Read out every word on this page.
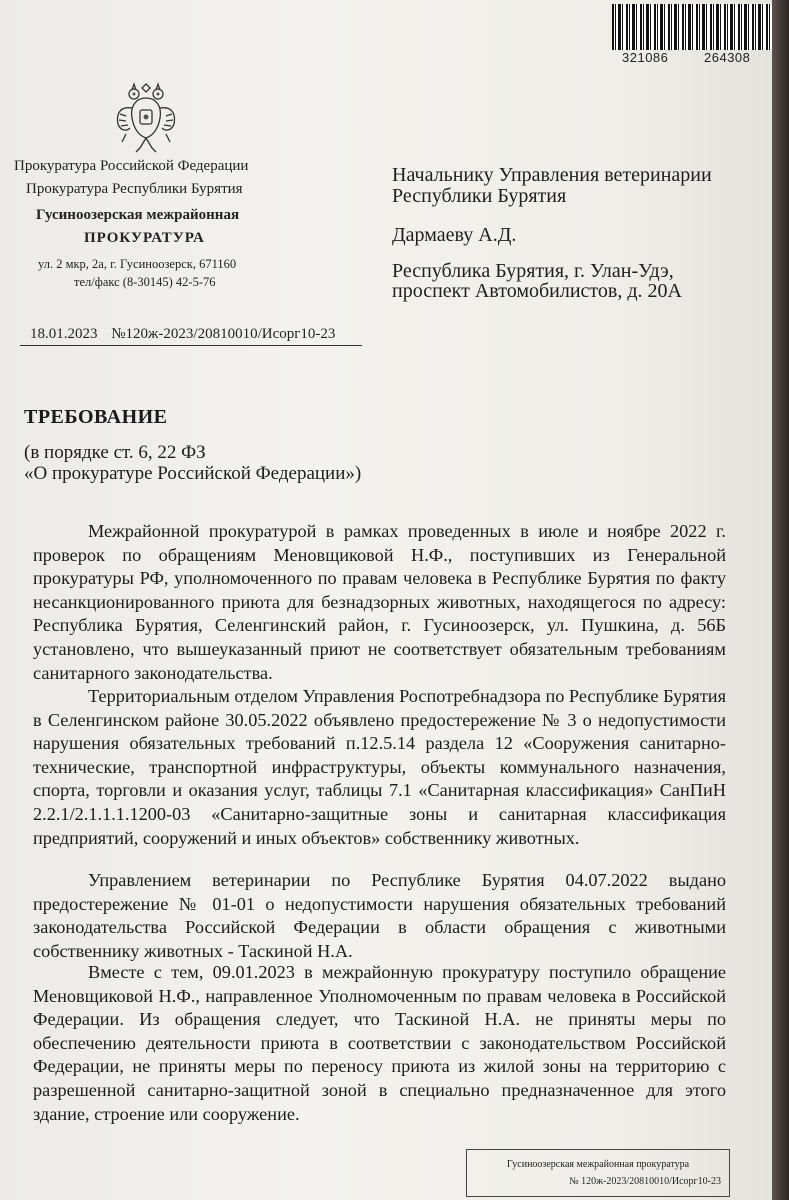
321086	264308
Прокуратура Российской Федерации
Прокуратура Республики Бурятия
Гусиноозерская межрайонная
ПРОКУРАТУРА
ул. 2 мкр, 2а, г. Гусиноозерск, 671160
тел/факс (8-30145) 42-5-76
18.01.2023 №120ж-2023/20810010/Исорг10-23
Начальнику Управления ветеринарии
Республики Бурятия
Дармаеву А.Д.
Республика Бурятия, г. Улан-Удэ,
проспект Автомобилистов, д. 20А
ТРЕБОВАНИЕ
(в порядке ст. 6, 22 ФЗ
«О прокуратуре Российской Федерации»)
Межрайонной прокуратурой в рамках проведенных в июле и ноябре 2022 г. проверок по обращениям Меновщиковой Н.Ф., поступивших из Генеральной прокуратуры РФ, уполномоченного по правам человека в Республике Бурятия по факту несанкционированного приюта для безнадзорных животных, находящегося по адресу: Республика Бурятия, Селенгинский район, г. Гусиноозерск, ул. Пушкина, д. 56Б установлено, что вышеуказанный приют не соответствует обязательным требованиям санитарного законодательства.
Территориальным отделом Управления Роспотребнадзора по Республике Бурятия в Селенгинском районе 30.05.2022 объявлено предостережение № 3 о недопустимости нарушения обязательных требований п.12.5.14 раздела 12 «Сооружения санитарно-технические, транспортной инфраструктуры, объекты коммунального назначения, спорта, торговли и оказания услуг, таблицы 7.1 «Санитарная классификация» СанПиН 2.2.1/2.1.1.1.1200-03 «Санитарно-защитные зоны и санитарная классификация предприятий, сооружений и иных объектов» собственнику животных.
Управлением ветеринарии по Республике Бурятия 04.07.2022 выдано предостережение № 01-01 о недопустимости нарушения обязательных требований законодательства Российской Федерации в области обращения с животными собственнику животных - Таскиной Н.А.
Вместе с тем, 09.01.2023 в межрайонную прокуратуру поступило обращение Меновщиковой Н.Ф., направленное Уполномоченным по правам человека в Российской Федерации. Из обращения следует, что Таскиной Н.А. не приняты меры по обеспечению деятельности приюта в соответствии с законодательством Российской Федерации, не приняты меры по переносу приюта из жилой зоны на территорию с разрешенной санитарно-защитной зоной в специально предназначенное для этого здание, строение или сооружение.
Гусиноозерская межрайонная прокуратура
№ 120ж-2023/20810010/Исорг10-23
